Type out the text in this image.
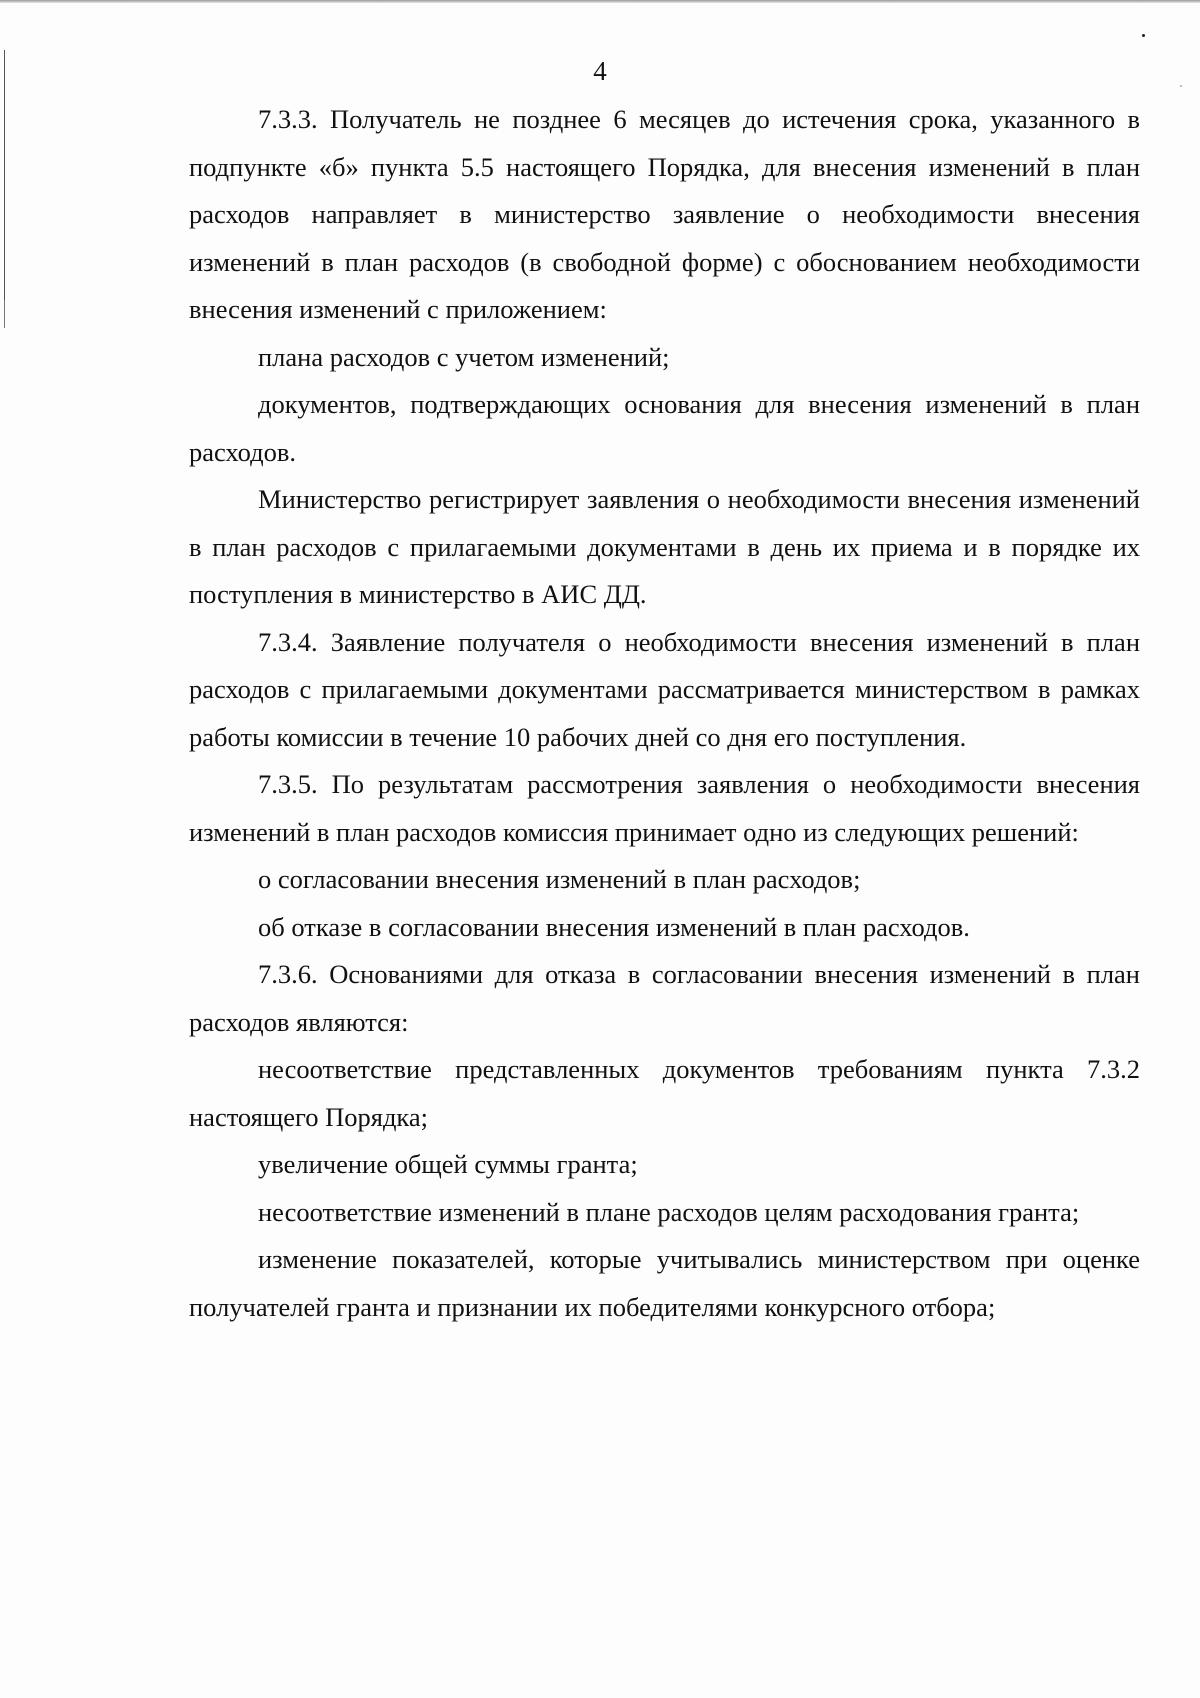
4

7.3.3. Получатель не позднее 6 месяцев до истечения срока, указанного в подпункте «б» пункта 5.5 настоящего Порядка, для внесения изменений в план расходов направляет в министерство заявление о необходимости внесения изменений в план расходов (в свободной форме) с обоснованием необходимости внесения изменений с приложением:

плана расходов с учетом изменений;

документов, подтверждающих основания для внесения изменений в план расходов.

Министерство регистрирует заявления о необходимости внесения изменений в план расходов с прилагаемыми документами в день их приема и в порядке их поступления в министерство в АИС ДД.

7.3.4. Заявление получателя о необходимости внесения изменений в план расходов с прилагаемыми документами рассматривается министерством в рамках работы комиссии в течение 10 рабочих дней со дня его поступления.

7.3.5. По результатам рассмотрения заявления о необходимости внесения изменений в план расходов комиссия принимает одно из следующих решений:

о согласовании внесения изменений в план расходов;

об отказе в согласовании внесения изменений в план расходов.

7.3.6. Основаниями для отказа в согласовании внесения изменений в план расходов являются:

несоответствие представленных документов требованиям пункта 7.3.2 настоящего Порядка;

увеличение общей суммы гранта;

несоответствие изменений в плане расходов целям расходования гранта;

изменение показателей, которые учитывались министерством при оценке получателей гранта и признании их победителями конкурсного отбора;
